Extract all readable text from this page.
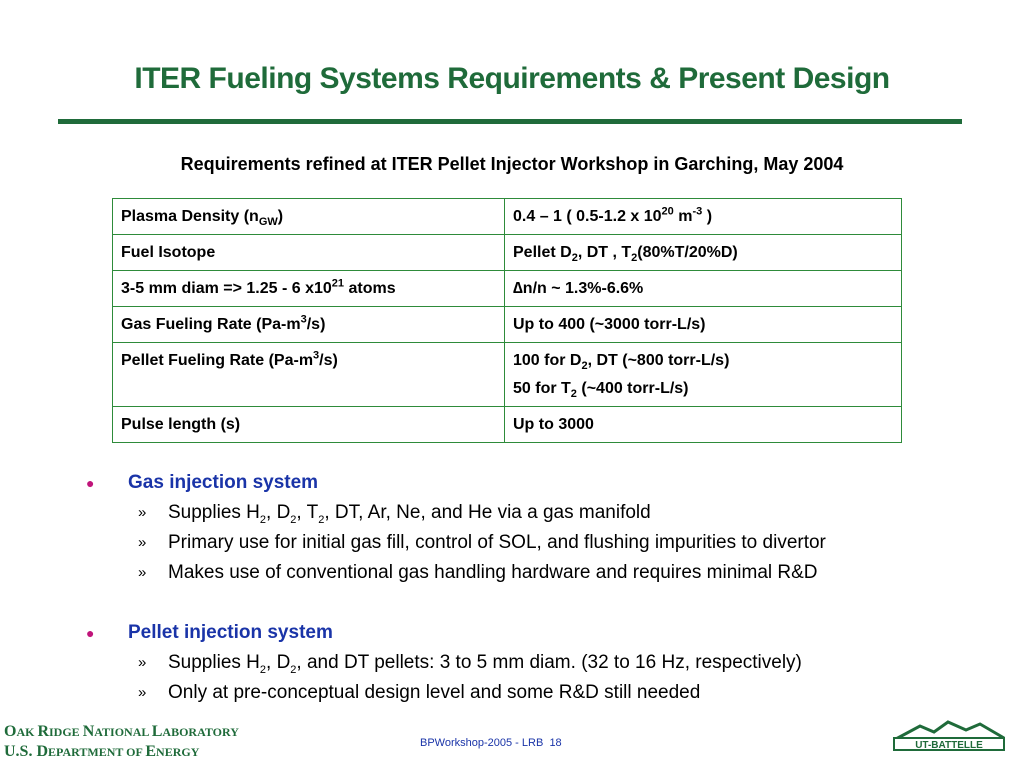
ITER Fueling Systems Requirements & Present Design
Requirements refined at ITER Pellet Injector Workshop in Garching, May 2004
Plasma Density $(n_{GW})$	0.4 – 1 ( 0.5-1.2 x $10^{20}$ $m^{-3}$ )
Fuel Isotope	Pellet $D_2$, DT , $T_2(80\%T/20\%D)$
3-5 mm diam => 1.25 - 6 $x10^{21}$ atoms	∆n/n ~ 1.3%-6.6%
Gas Fueling Rate $(Pa-m^3/s)$	Up to 400 (~3000 torr-L/s)
Pellet Fueling Rate $(Pa-m^3/s)$	100 for $D_2$, DT (~800 torr-L/s)
50 for $T_2$ (~400 torr-L/s)

Pulse length (s)	Up to 3000
● Gas injection system
» Supplies $H_2$, $D_2$, $T_2$, DT, Ar, Ne, and He via a gas manifold
» Primary use for initial gas fill, control of SOL, and flushing impurities to divertor
» Makes use of conventional gas handling hardware and requires minimal R&D
● Pellet injection system
» Supplies $H_2$, $D_2$, and DT pellets: 3 to 5 mm diam. (32 to 16 Hz, respectively)
» Only at pre-conceptual design level and some R&D still needed
OAK RIDGE NATIONAL LABORATORY
U.S. DEPARTMENT OF ENERGY
BPWorkshop-2005 - LRB 18	UT-BATTELLE
